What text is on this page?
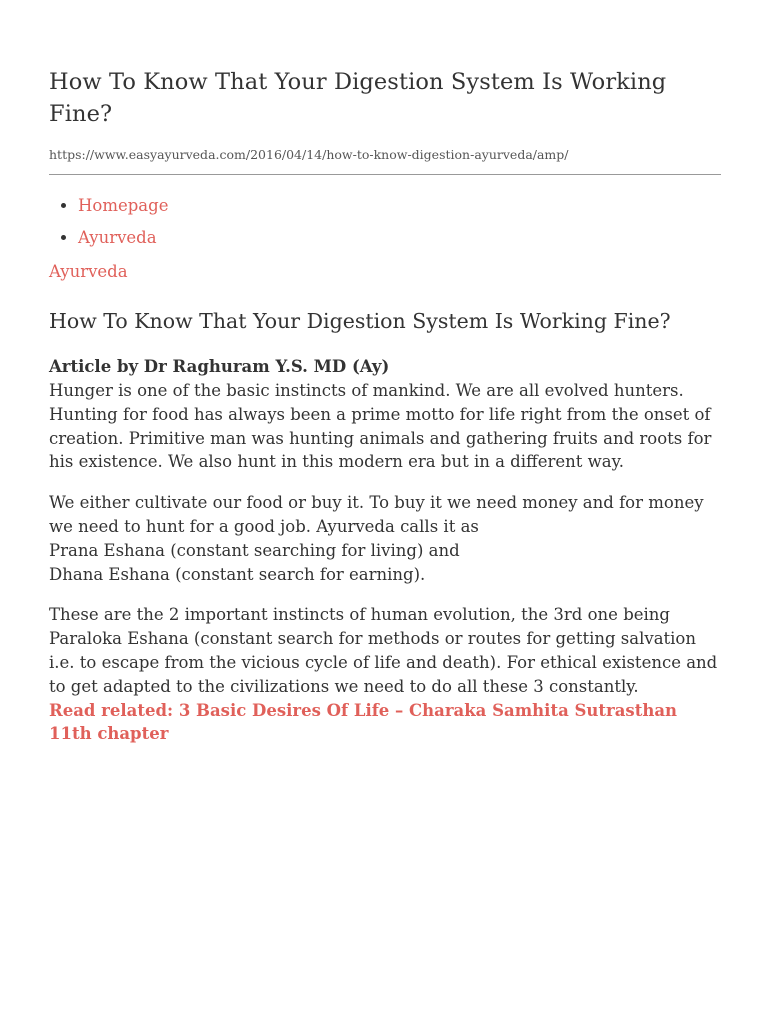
How To Know That Your Digestion System Is Working Fine?
https://www.easyayurveda.com/2016/04/14/how-to-know-digestion-ayurveda/amp/
• Homepage
• Ayurveda
Ayurveda
How To Know That Your Digestion System Is Working Fine?
Article by Dr Raghuram Y.S. MD (Ay)

Hunger is one of the basic instincts of mankind. We are all evolved hunters. Hunting for food has always been a prime motto for life right from the onset of creation. Primitive man was hunting animals and gathering fruits and roots for his existence. We also hunt in this modern era but in a different way.

We either cultivate our food or buy it. To buy it we need money and for money we need to hunt for a good job. Ayurveda calls it as
Prana Eshana (constant searching for living) and
Dhana Eshana (constant search for earning).

These are the 2 important instincts of human evolution, the 3rd one being Paraloka Eshana (constant search for methods or routes for getting salvation i.e. to escape from the vicious cycle of life and death). For ethical existence and to get adapted to the civilizations we need to do all these 3 constantly.
Read related: 3 Basic Desires Of Life – Charaka Samhita Sutrasthan 11th chapter
